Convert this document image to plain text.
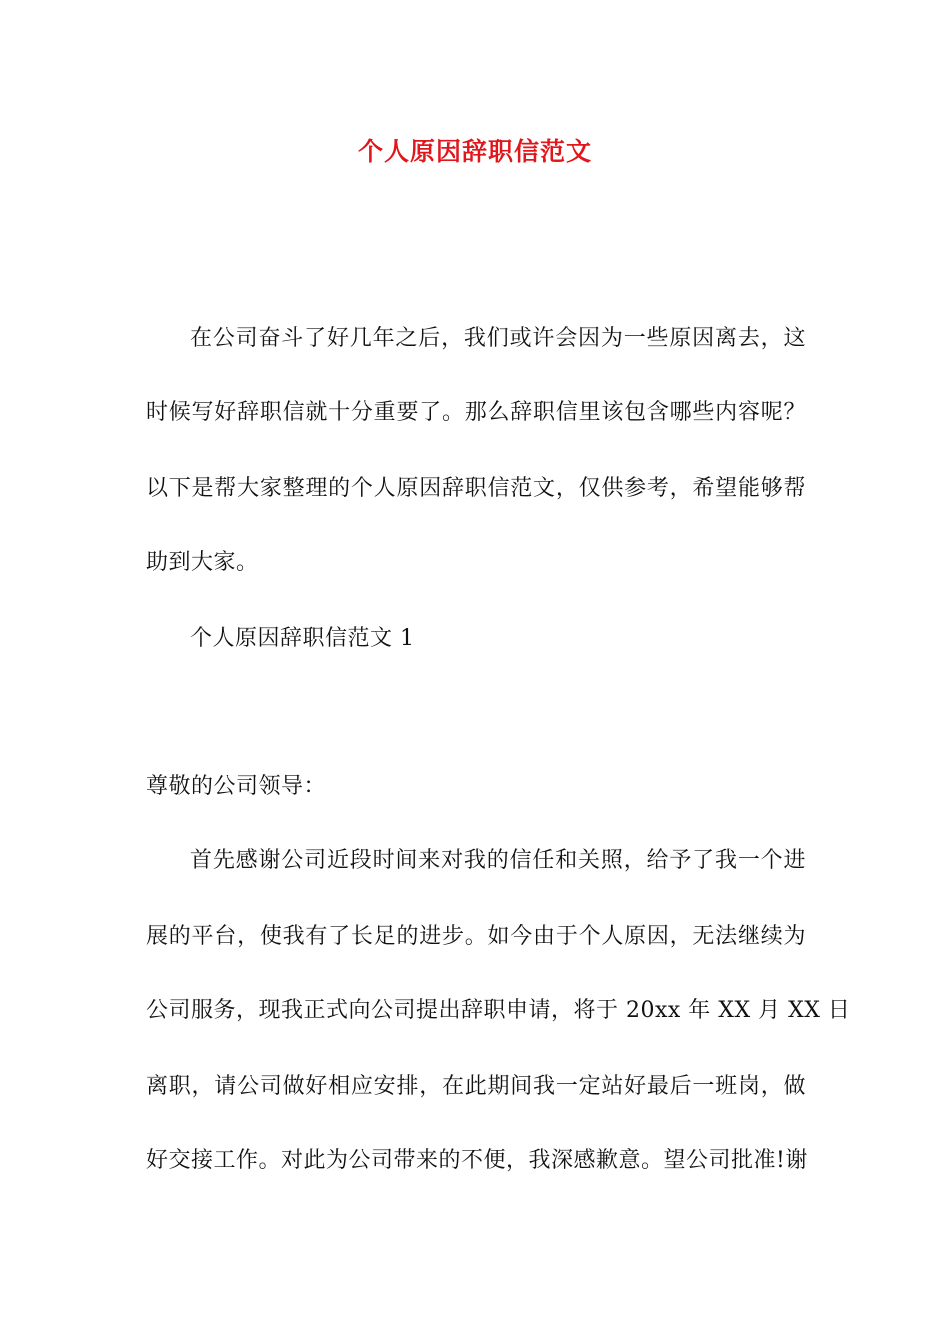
个人原因辞职信范文
在公司奋斗了好几年之后，我们或许会因为一些原因离去，这
时候写好辞职信就十分重要了。那么辞职信里该包含哪些内容呢？
以下是帮大家整理的个人原因辞职信范文，仅供参考，希望能够帮
助到大家。
个人原因辞职信范文 1
尊敬的公司领导：
首先感谢公司近段时间来对我的信任和关照，给予了我一个进
展的平台，使我有了长足的进步。如今由于个人原因，无法继续为
公司服务，现我正式向公司提出辞职申请，将于 20xx 年 XX 月 XX 日
离职，请公司做好相应安排，在此期间我一定站好最后一班岗，做
好交接工作。对此为公司带来的不便，我深感歉意。望公司批准!谢
